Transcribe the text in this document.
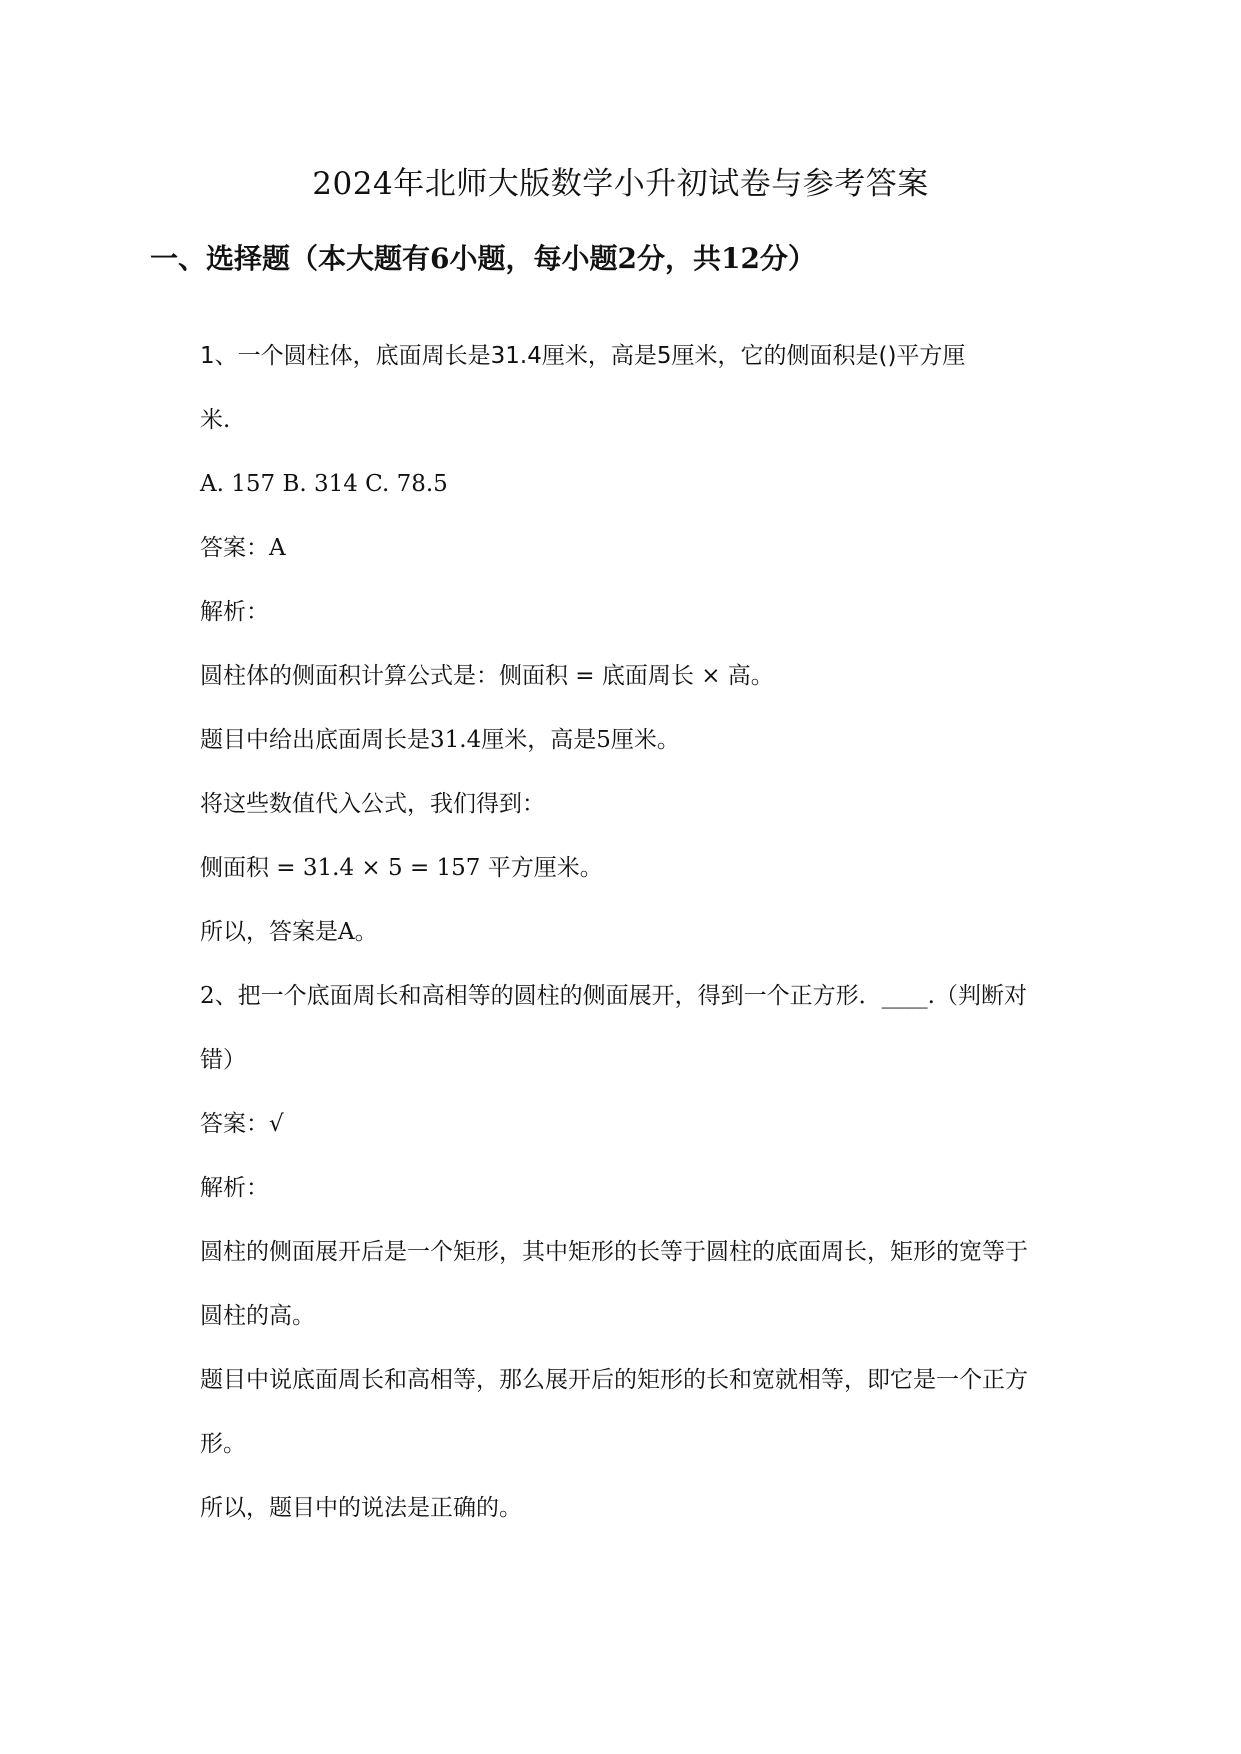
2024年北师大版数学小升初试卷与参考答案
一、选择题（本大题有6小题，每小题2分，共12分）

1、一个圆柱体，底面周长是31.4厘米，高是5厘米，它的侧面积是()平方厘

米.

A. 157 B. 314 C. 78.5

答案：A

解析：

圆柱体的侧面积计算公式是：侧面积 = 底面周长 × 高。

题目中给出底面周长是31.4厘米，高是5厘米。

将这些数值代入公式，我们得到：

侧面积 = 31.4 × 5 = 157 平方厘米。

所以，答案是A。

2、把一个底面周长和高相等的圆柱的侧面展开，得到一个正方形．____.（判断对

错）

答案：√

解析：

圆柱的侧面展开后是一个矩形，其中矩形的长等于圆柱的底面周长，矩形的宽等于

圆柱的高。

题目中说底面周长和高相等，那么展开后的矩形的长和宽就相等，即它是一个正方

形。

所以，题目中的说法是正确的。
